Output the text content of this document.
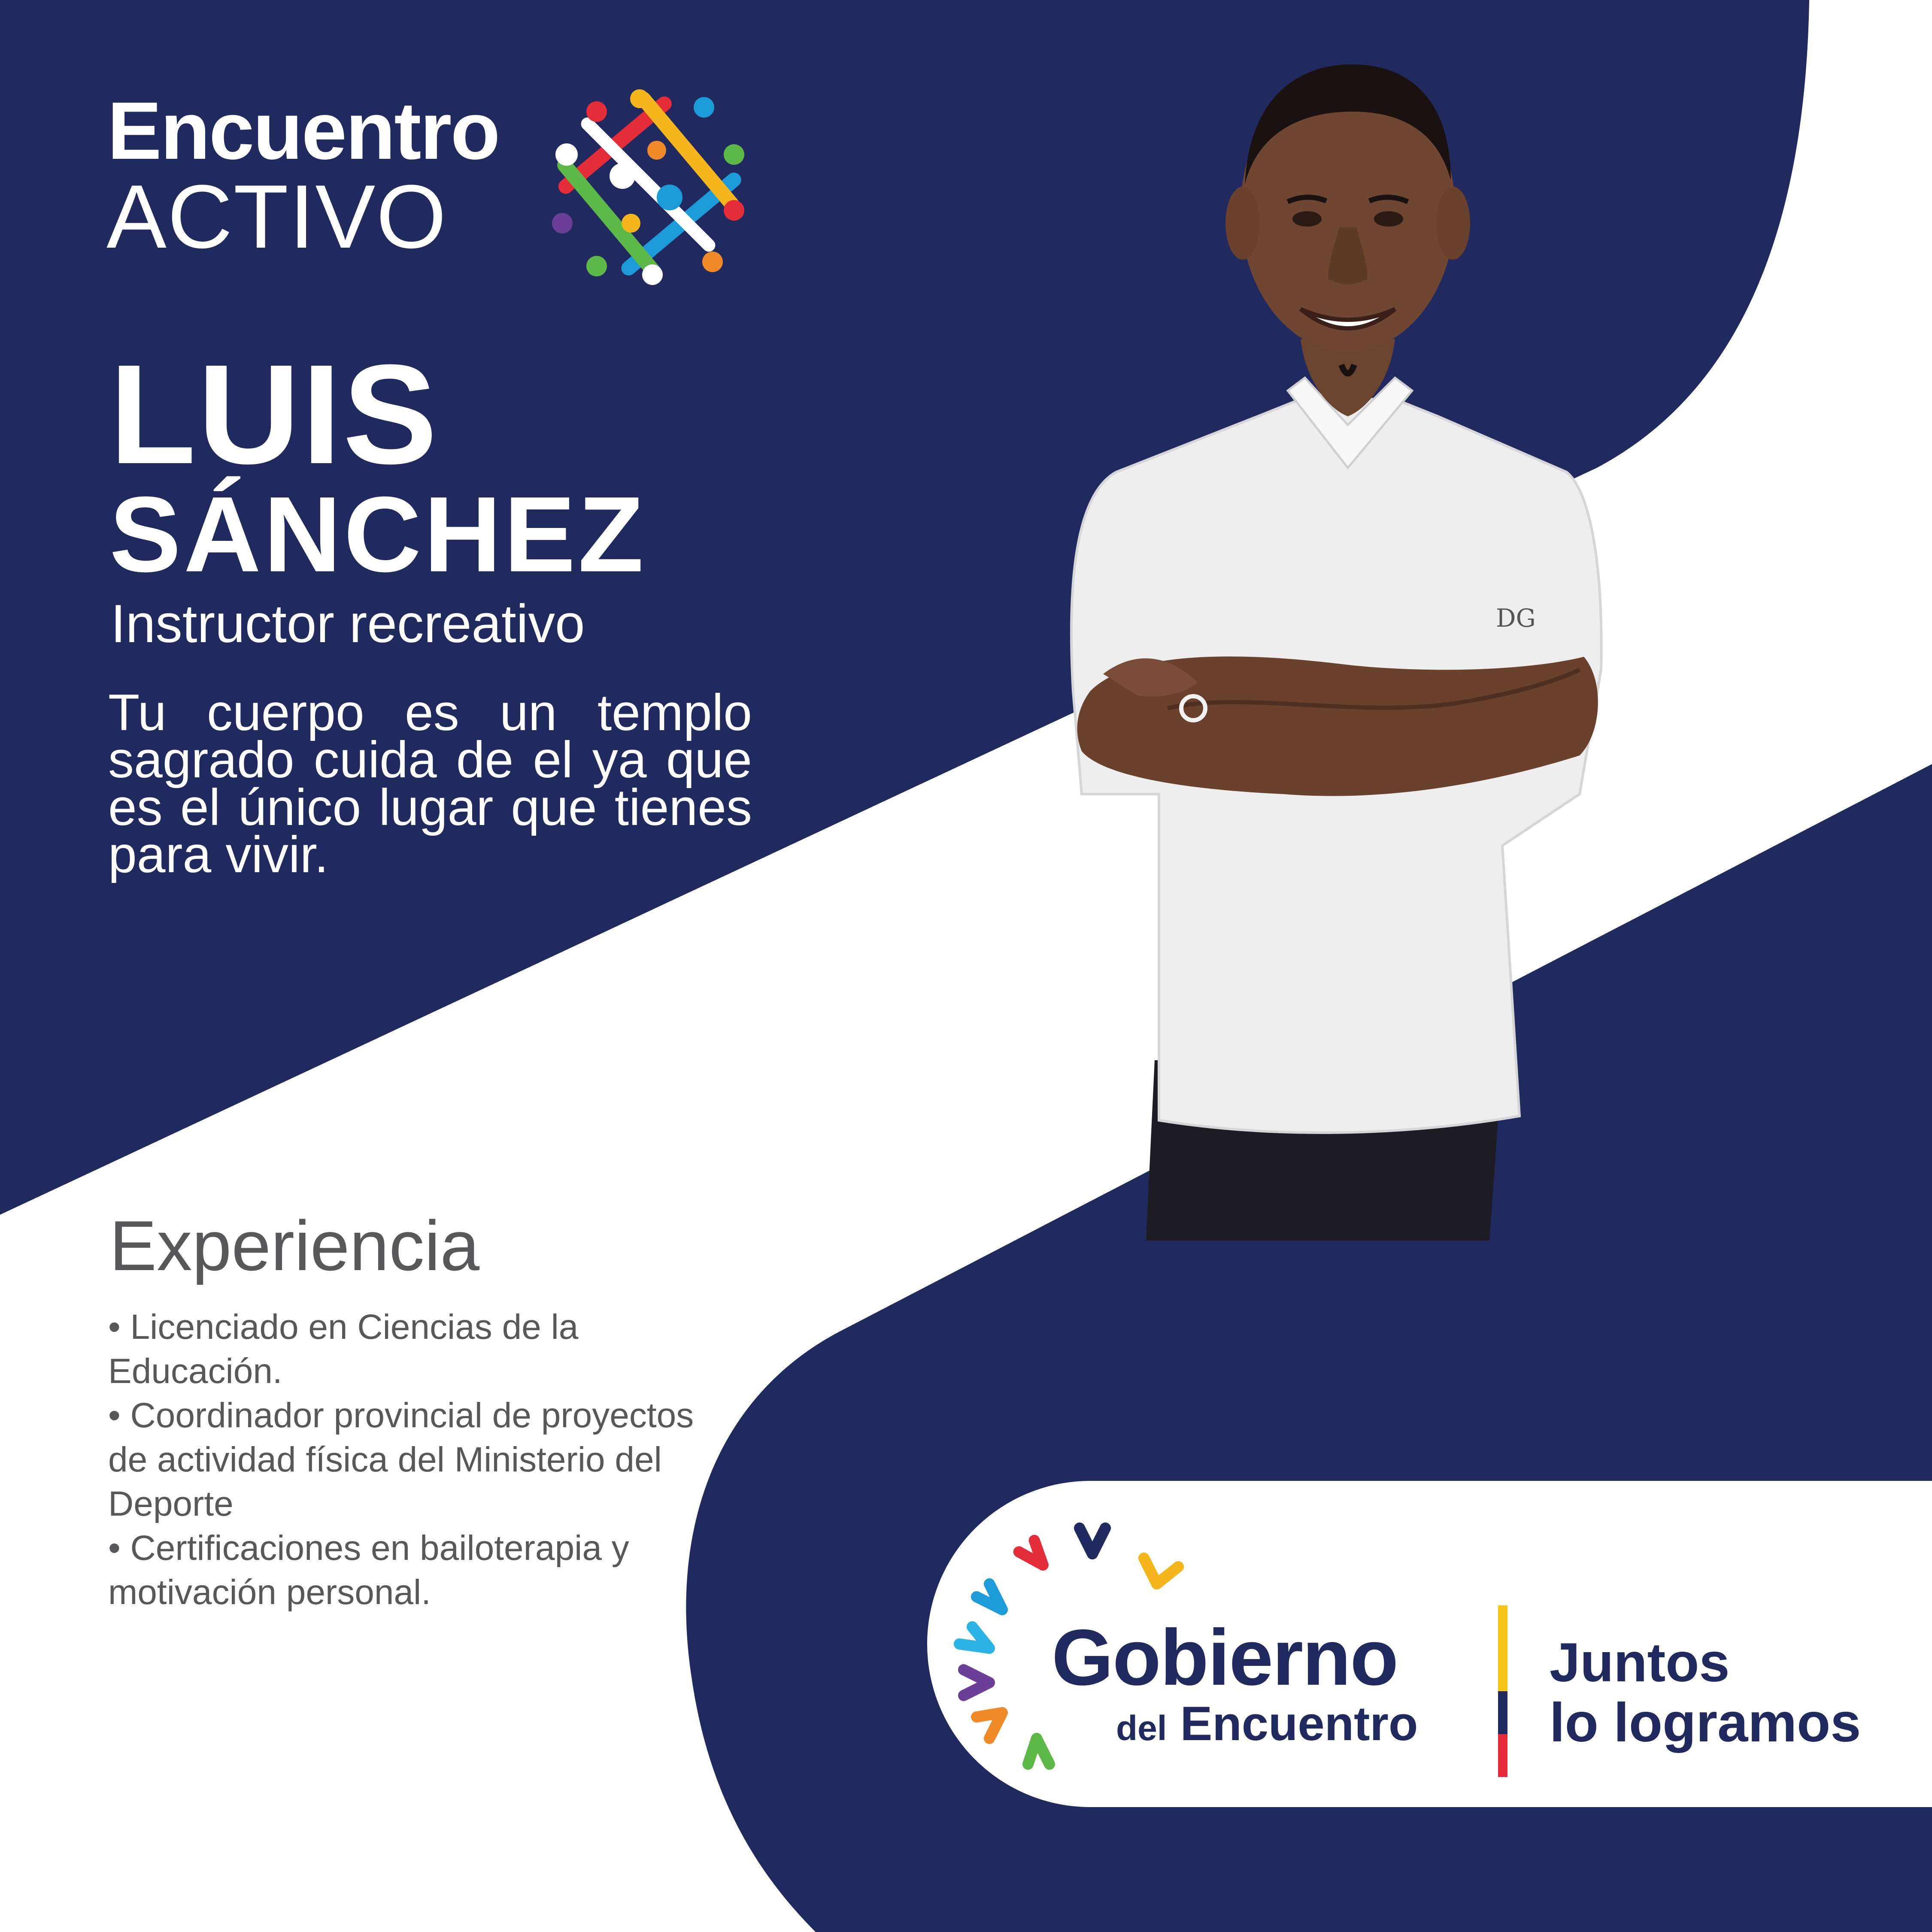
Encuentro
ACTIVO
LUIS
SÁNCHEZ
Instructor recreativo
Tu cuerpo es un templo sagrado cuida de el ya que es el único lugar que tienes para vivir.
DG
Experiencia
• Licenciado en Ciencias de la Educación.
• Coordinador provincial de proyectos de actividad física del Ministerio del Deporte
• Certificaciones en bailoterapia y motivación personal.
Gobierno
del Encuentro
Juntos
lo logramos
